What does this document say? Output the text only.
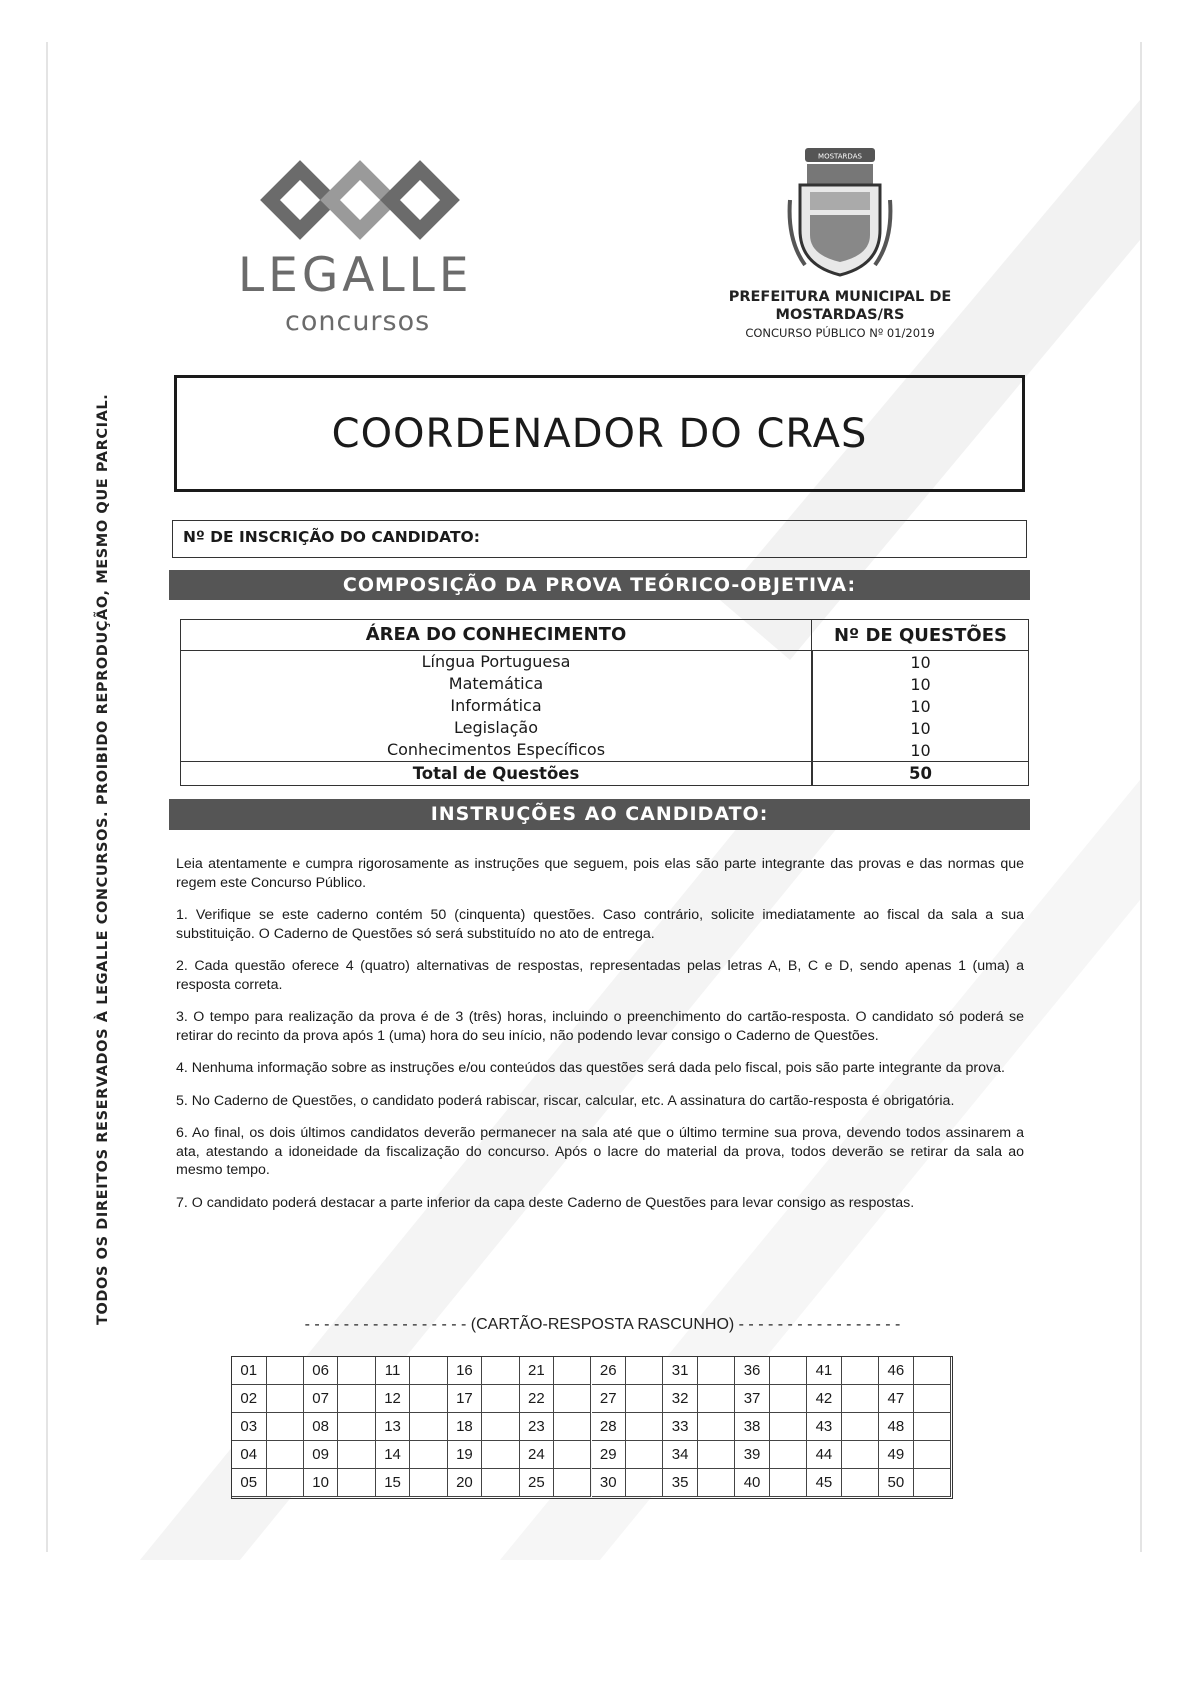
LEGALLE
concursos
MOSTARDAS
PREFEITURA MUNICIPAL DE
MOSTARDAS/RS
CONCURSO PÚBLICO Nº 01/2019
TODOS OS DIREITOS RESERVADOS À LEGALLE CONCURSOS. PROIBIDO REPRODUÇÃO, MESMO QUE PARCIAL.	COORDENADOR DO CRAS
Nº DE INSCRIÇÃO DO CANDIDATO:
COMPOSIÇÃO DA PROVA TEÓRICO-OBJETIVA:
ÁREA DO CONHECIMENTO	Nº DE QUESTÕES
Língua Portuguesa	10
Matemática	10
Informática	10
Legislação	10
Conhecimentos Específicos	10
Total de Questões	50
INSTRUÇÕES AO CANDIDATO:

Leia atentamente e cumpra rigorosamente as instruções que seguem, pois elas são parte integrante das provas e das normas que regem este Concurso Público.

1. Verifique se este caderno contém 50 (cinquenta) questões. Caso contrário, solicite imediatamente ao fiscal da sala a sua substituição. O Caderno de Questões só será substituído no ato de entrega.

2. Cada questão oferece 4 (quatro) alternativas de respostas, representadas pelas letras A, B, C e D, sendo apenas 1 (uma) a resposta correta.

3. O tempo para realização da prova é de 3 (três) horas, incluindo o preenchimento do cartão-resposta. O candidato só poderá se retirar do recinto da prova após 1 (uma) hora do seu início, não podendo levar consigo o Caderno de Questões.

4. Nenhuma informação sobre as instruções e/ou conteúdos das questões será dada pelo fiscal, pois são parte integrante da prova.

5. No Caderno de Questões, o candidato poderá rabiscar, riscar, calcular, etc. A assinatura do cartão-resposta é obrigatória.

6. Ao final, os dois últimos candidatos deverão permanecer na sala até que o último termine sua prova, devendo todos assinarem a ata, atestando a idoneidade da fiscalização do concurso. Após o lacre do material da prova, todos deverão se retirar da sala ao mesmo tempo.

7. O candidato poderá destacar a parte inferior da capa deste Caderno de Questões para levar consigo as respostas.

- - - - - - - - - - - - - - - - - (CARTÃO-RESPOSTA RASCUNHO) - - - - - - - - - - - - - - - - -
01	06	11	16	21	26	31	36	41	46
02	07	12	17	22	27	32	37	42	47
03	08	13	18	23	28	33	38	43	48
04	09	14	19	24	29	34	39	44	49
05	10	15	20	25	30	35	40	45	50
